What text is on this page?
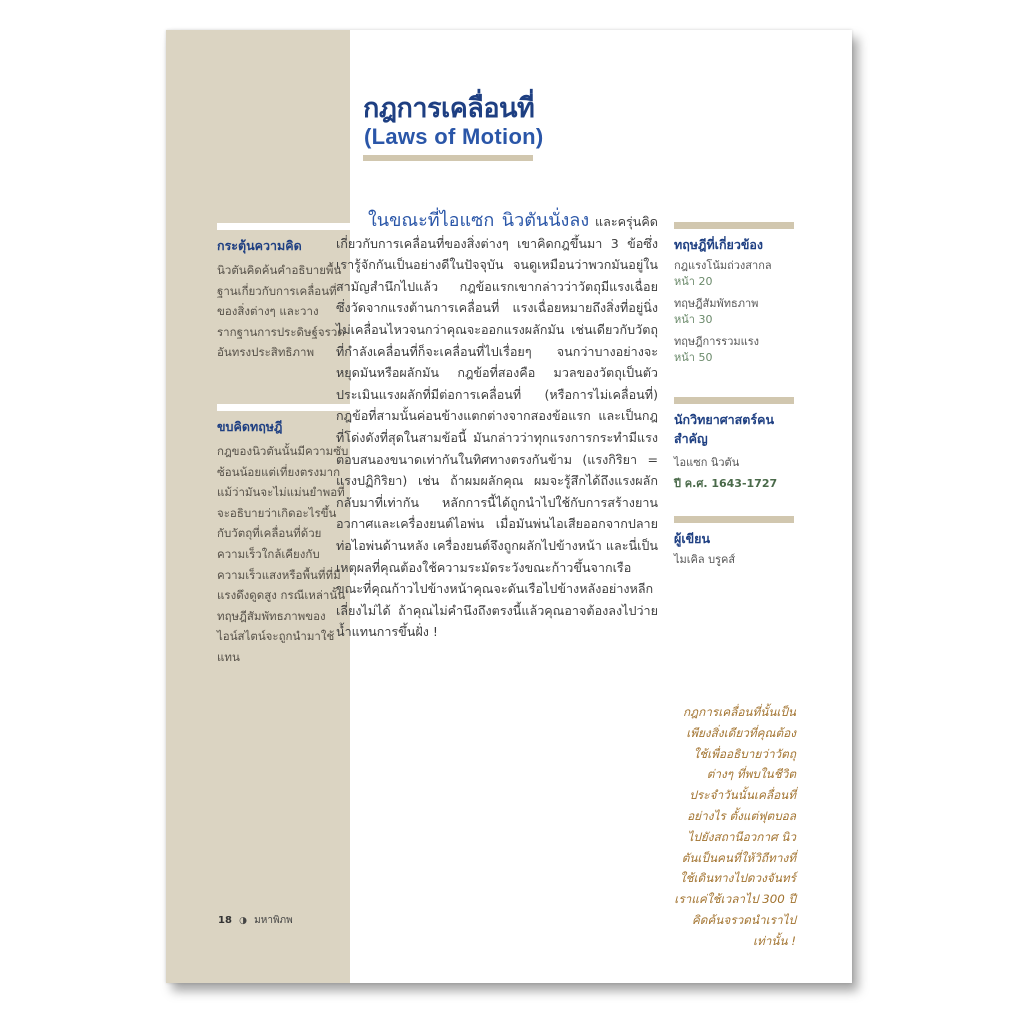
กระตุ้นความคิด
นิวตันคิดค้นคำอธิบายพื้นฐานเกี่ยวกับการเคลื่อนที่ของสิ่งต่างๆ และวางรากฐานการประดิษฐ์จรวดอันทรงประสิทธิภาพ
ขบคิดทฤษฎี
กฎของนิวตันนั้นมีความซับซ้อนน้อยแต่เที่ยงตรงมาก แม้ว่ามันจะไม่แม่นยำพอที่จะอธิบายว่าเกิดอะไรขึ้นกับวัตถุที่เคลื่อนที่ด้วยความเร็วใกล้เคียงกับความเร็วแสงหรือพื้นที่ที่มีแรงดึงดูดสูง กรณีเหล่านั้นทฤษฎีสัมพัทธภาพของไอน์สไตน์จะถูกนำมาใช้แทน
18 ◑ มหาพิภพ
กฎการเคลื่อนที่
(Laws of Motion)
ในขณะที่ไอแซก นิวตันนั่งลง และครุ่นคิดเกี่ยวกับการเคลื่อนที่ของสิ่งต่างๆ เขาคิดกฎขึ้นมา 3 ข้อซึ่งเรารู้จักกันเป็นอย่างดีในปัจจุบัน จนดูเหมือนว่าพวกมันอยู่ในสามัญสำนึกไปแล้ว กฎข้อแรกเขากล่าวว่าวัตถุมีแรงเฉื่อย ซึ่งวัดจากแรงต้านการเคลื่อนที่ แรงเฉื่อยหมายถึงสิ่งที่อยู่นิ่งไม่เคลื่อนไหวจนกว่าคุณจะออกแรงผลักมัน เช่นเดียวกับวัตถุที่กำลังเคลื่อนที่ก็จะเคลื่อนที่ไปเรื่อยๆ จนกว่าบางอย่างจะหยุดมันหรือผลักมัน กฎข้อที่สองคือ มวลของวัตถุเป็นตัวประเมินแรงผลักที่มีต่อการเคลื่อนที่ (หรือการไม่เคลื่อนที่) กฎข้อที่สามนั้นค่อนข้างแตกต่างจากสองข้อแรก และเป็นกฎที่โด่งดังที่สุดในสามข้อนี้ มันกล่าวว่าทุกแรงการกระทำมีแรงตอบสนองขนาดเท่ากันในทิศทางตรงกันข้าม (แรงกิริยา = แรงปฏิกิริยา) เช่น ถ้าผมผลักคุณ ผมจะรู้สึกได้ถึงแรงผลักกลับมาที่เท่ากัน หลักการนี้ได้ถูกนำไปใช้กับการสร้างยานอวกาศและเครื่องยนต์ไอพ่น เมื่อมันพ่นไอเสียออกจากปลายท่อไอพ่นด้านหลัง เครื่องยนต์จึงถูกผลักไปข้างหน้า และนี่เป็นเหตุผลที่คุณต้องใช้ความระมัดระวังขณะก้าวขึ้นจากเรือ ขณะที่คุณก้าวไปข้างหน้าคุณจะดันเรือไปข้างหลังอย่างหลีกเลี่ยงไม่ได้ ถ้าคุณไม่คำนึงถึงตรงนี้แล้วคุณอาจต้องลงไปว่ายน้ำแทนการขึ้นฝั่ง !
ทฤษฎีที่เกี่ยวข้อง
กฎแรงโน้มถ่วงสากล
หน้า 20
ทฤษฎีสัมพัทธภาพ
หน้า 30
ทฤษฎีการรวมแรง
หน้า 50
นักวิทยาศาสตร์คนสำคัญ
ไอแซก นิวตัน
ปี ค.ศ. 1643-1727
ผู้เขียน
ไมเคิล บรูคส์
กฎการเคลื่อนที่นั้นเป็นเพียงสิ่งเดียวที่คุณต้องใช้เพื่ออธิบายว่าวัตถุต่างๆ ที่พบในชีวิตประจำวันนั้นเคลื่อนที่อย่างไร ตั้งแต่ฟุตบอลไปยังสถานีอวกาศ นิวตันเป็นคนที่ให้วิถีทางที่ใช้เดินทางไปดวงจันทร์ เราแค่ใช้เวลาไป 300 ปีคิดค้นจรวดนำเราไปเท่านั้น !
